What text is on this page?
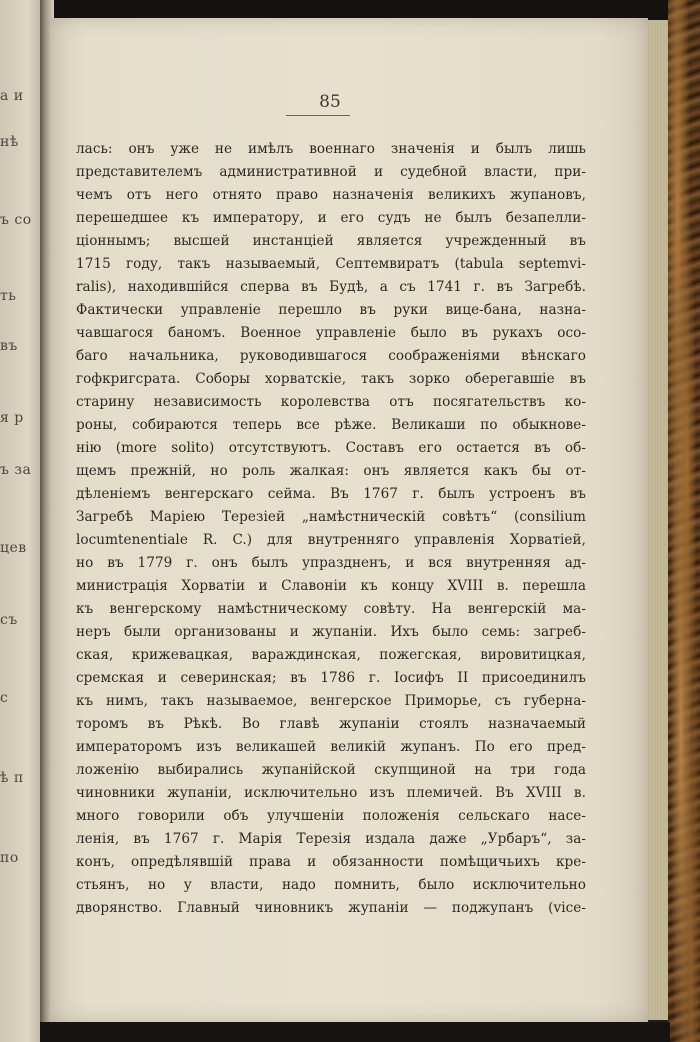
а и
нѣ
ъ со
ть
въ
я р
ъ за
цев
съ
с
ѣ п
по
85
лась: онъ уже не имѣлъ военнаго значенія и былъ лишь
представителемъ административной и судебной власти, при-
чемъ отъ него отнято право назначенія великихъ жупановъ,
перешедшее къ императору, и его судъ не былъ безапелли-
ціоннымъ; высшей инстанціей является учрежденный въ
1715 году, такъ называемый, Септемвиратъ (tabula septemvi-
ralis), находившійся сперва въ Будѣ, а съ 1741 г. въ Загребѣ.
Фактически управленіе перешло въ руки вице-бана, назна-
чавшагося баномъ. Военное управленіе было въ рукахъ осо-
баго начальника, руководившагося соображеніями вѣнскаго
гофкригсрата. Соборы хорватскіе, такъ зорко оберегавшіе въ
старину независимость королевства отъ посягательствъ ко-
роны, собираются теперь все рѣже. Великаши по обыкнове-
нію (more solito) отсутствуютъ. Составъ его остается въ об-
щемъ прежній, но роль жалкая: онъ является какъ бы от-
дѣленіемъ венгерскаго сейма. Въ 1767 г. былъ устроенъ въ
Загребѣ Маріею Терезіей „намѣстническій совѣтъ“ (consilium
locumtenentiale R. C.) для внутренняго управленія Хорватіей,
но въ 1779 г. онъ былъ упраздненъ, и вся внутренняя ад-
министрація Хорватіи и Славоніи къ концу XVIII в. перешла
къ венгерскому намѣстническому совѣту. На венгерскій ма-
неръ были организованы и жупаніи. Ихъ было семь: загреб-
ская, крижевацкая, вараждинская, пожегская, вировитицкая,
сремская и северинская; въ 1786 г. Іосифъ II присоединилъ
къ нимъ, такъ называемое, венгерское Приморье, съ губерна-
торомъ въ Рѣкѣ. Во главѣ жупаніи стоялъ назначаемый
императоромъ изъ великашей великій жупанъ. По его пред-
ложенію выбирались жупанійской скупщиной на три года
чиновники жупаніи, исключительно изъ племичей. Въ XVIII в.
много говорили объ улучшеніи положенія сельскаго насе-
ленія, въ 1767 г. Марія Терезія издала даже „Урбаръ“, за-
конъ, опредѣлявшій права и обязанности помѣщичьихъ кре-
стьянъ, но у власти, надо помнить, было исключительно
дворянство. Главный чиновникъ жупаніи — поджупанъ (vice-
